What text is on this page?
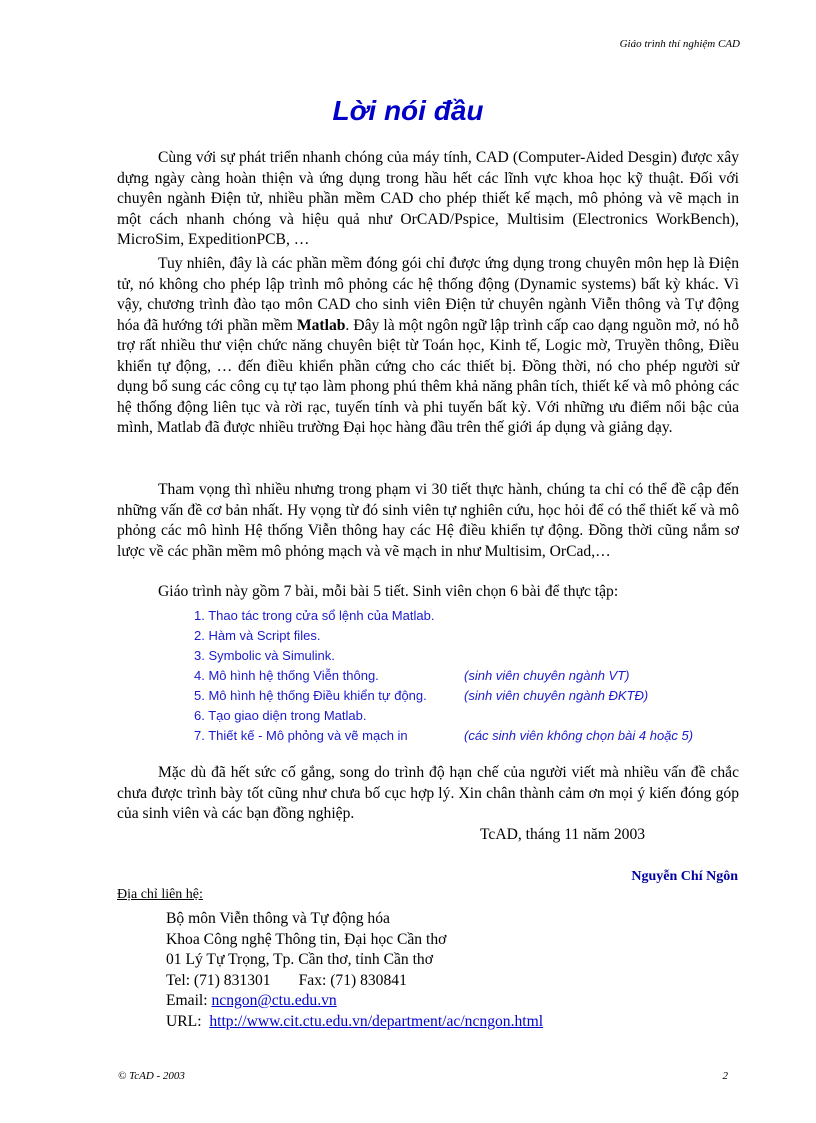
Giáo trình thí nghiệm CAD
Lời nói đầu

Cùng với sự phát triển nhanh chóng của máy tính, CAD (Computer-Aided Desgin) được xây dựng ngày càng hoàn thiện và ứng dụng trong hầu hết các lĩnh vực khoa học kỹ thuật. Đối với chuyên ngành Điện tử, nhiều phần mềm CAD cho phép thiết kế mạch, mô phỏng và vẽ mạch in một cách nhanh chóng và hiệu quả như OrCAD/Pspice, Multisim (Electronics WorkBench), MicroSim, ExpeditionPCB, …

Tuy nhiên, đây là các phần mềm đóng gói chỉ được ứng dụng trong chuyên môn hẹp là Điện tử, nó không cho phép lập trình mô phỏng các hệ thống động (Dynamic systems) bất kỳ khác. Vì vậy, chương trình đào tạo môn CAD cho sinh viên Điện tử chuyên ngành Viễn thông và Tự động hóa đã hướng tới phần mềm Matlab. Đây là một ngôn ngữ lập trình cấp cao dạng nguồn mở, nó hỗ trợ rất nhiều thư viện chức năng chuyên biệt từ Toán học, Kinh tế, Logic mờ, Truyền thông, Điều khiển tự động, … đến điều khiển phần cứng cho các thiết bị. Đồng thời, nó cho phép người sử dụng bổ sung các công cụ tự tạo làm phong phú thêm khả năng phân tích, thiết kế và mô phỏng các hệ thống động liên tục và rời rạc, tuyến tính và phi tuyến bất kỳ. Với những ưu điểm nổi bậc của mình, Matlab đã được nhiều trường Đại học hàng đầu trên thế giới áp dụng và giảng dạy.

Tham vọng thì nhiều nhưng trong phạm vi 30 tiết thực hành, chúng ta chỉ có thể đề cập đến những vấn đề cơ bản nhất. Hy vọng từ đó sinh viên tự nghiên cứu, học hỏi để có thể thiết kế và mô phỏng các mô hình Hệ thống Viễn thông hay các Hệ điều khiển tự động. Đồng thời cũng nắm sơ lược về các phần mềm mô phỏng mạch và vẽ mạch in như Multisim, OrCad,…

Giáo trình này gồm 7 bài, mỗi bài 5 tiết. Sinh viên chọn 6 bài để thực tập:

1. Thao tác trong cửa sổ lệnh của Matlab.
2. Hàm và Script files.
3. Symbolic và Simulink.
4. Mô hình hệ thống Viễn thông.	(sinh viên chuyên ngành VT)
5. Mô hình hệ thống Điều khiển tự động.	(sinh viên chuyên ngành ĐKTĐ)
6. Tạo giao diện trong Matlab.
7. Thiết kế - Mô phỏng và vẽ mạch in	(các sinh viên không chọn bài 4 hoặc 5)

Mặc dù đã hết sức cố gắng, song do trình độ hạn chế của người viết mà nhiều vấn đề chắc chưa được trình bày tốt cũng như chưa bố cục hợp lý. Xin chân thành cảm ơn mọi ý kiến đóng góp của sinh viên và các bạn đồng nghiệp.

TcAD, tháng 11 năm 2003
Nguyễn Chí Ngôn
Địa chỉ liên hệ:
Bộ môn Viễn thông và Tự động hóa
Khoa Công nghệ Thông tin, Đại học Cần thơ
01 Lý Tự Trọng, Tp. Cần thơ, tỉnh Cần thơ
Tel: (71) 831301 Fax: (71) 830841
Email: ncngon@ctu.edu.vn
URL:  http://www.cit.ctu.edu.vn/department/ac/ncngon.html
© TcAD - 2003	2
